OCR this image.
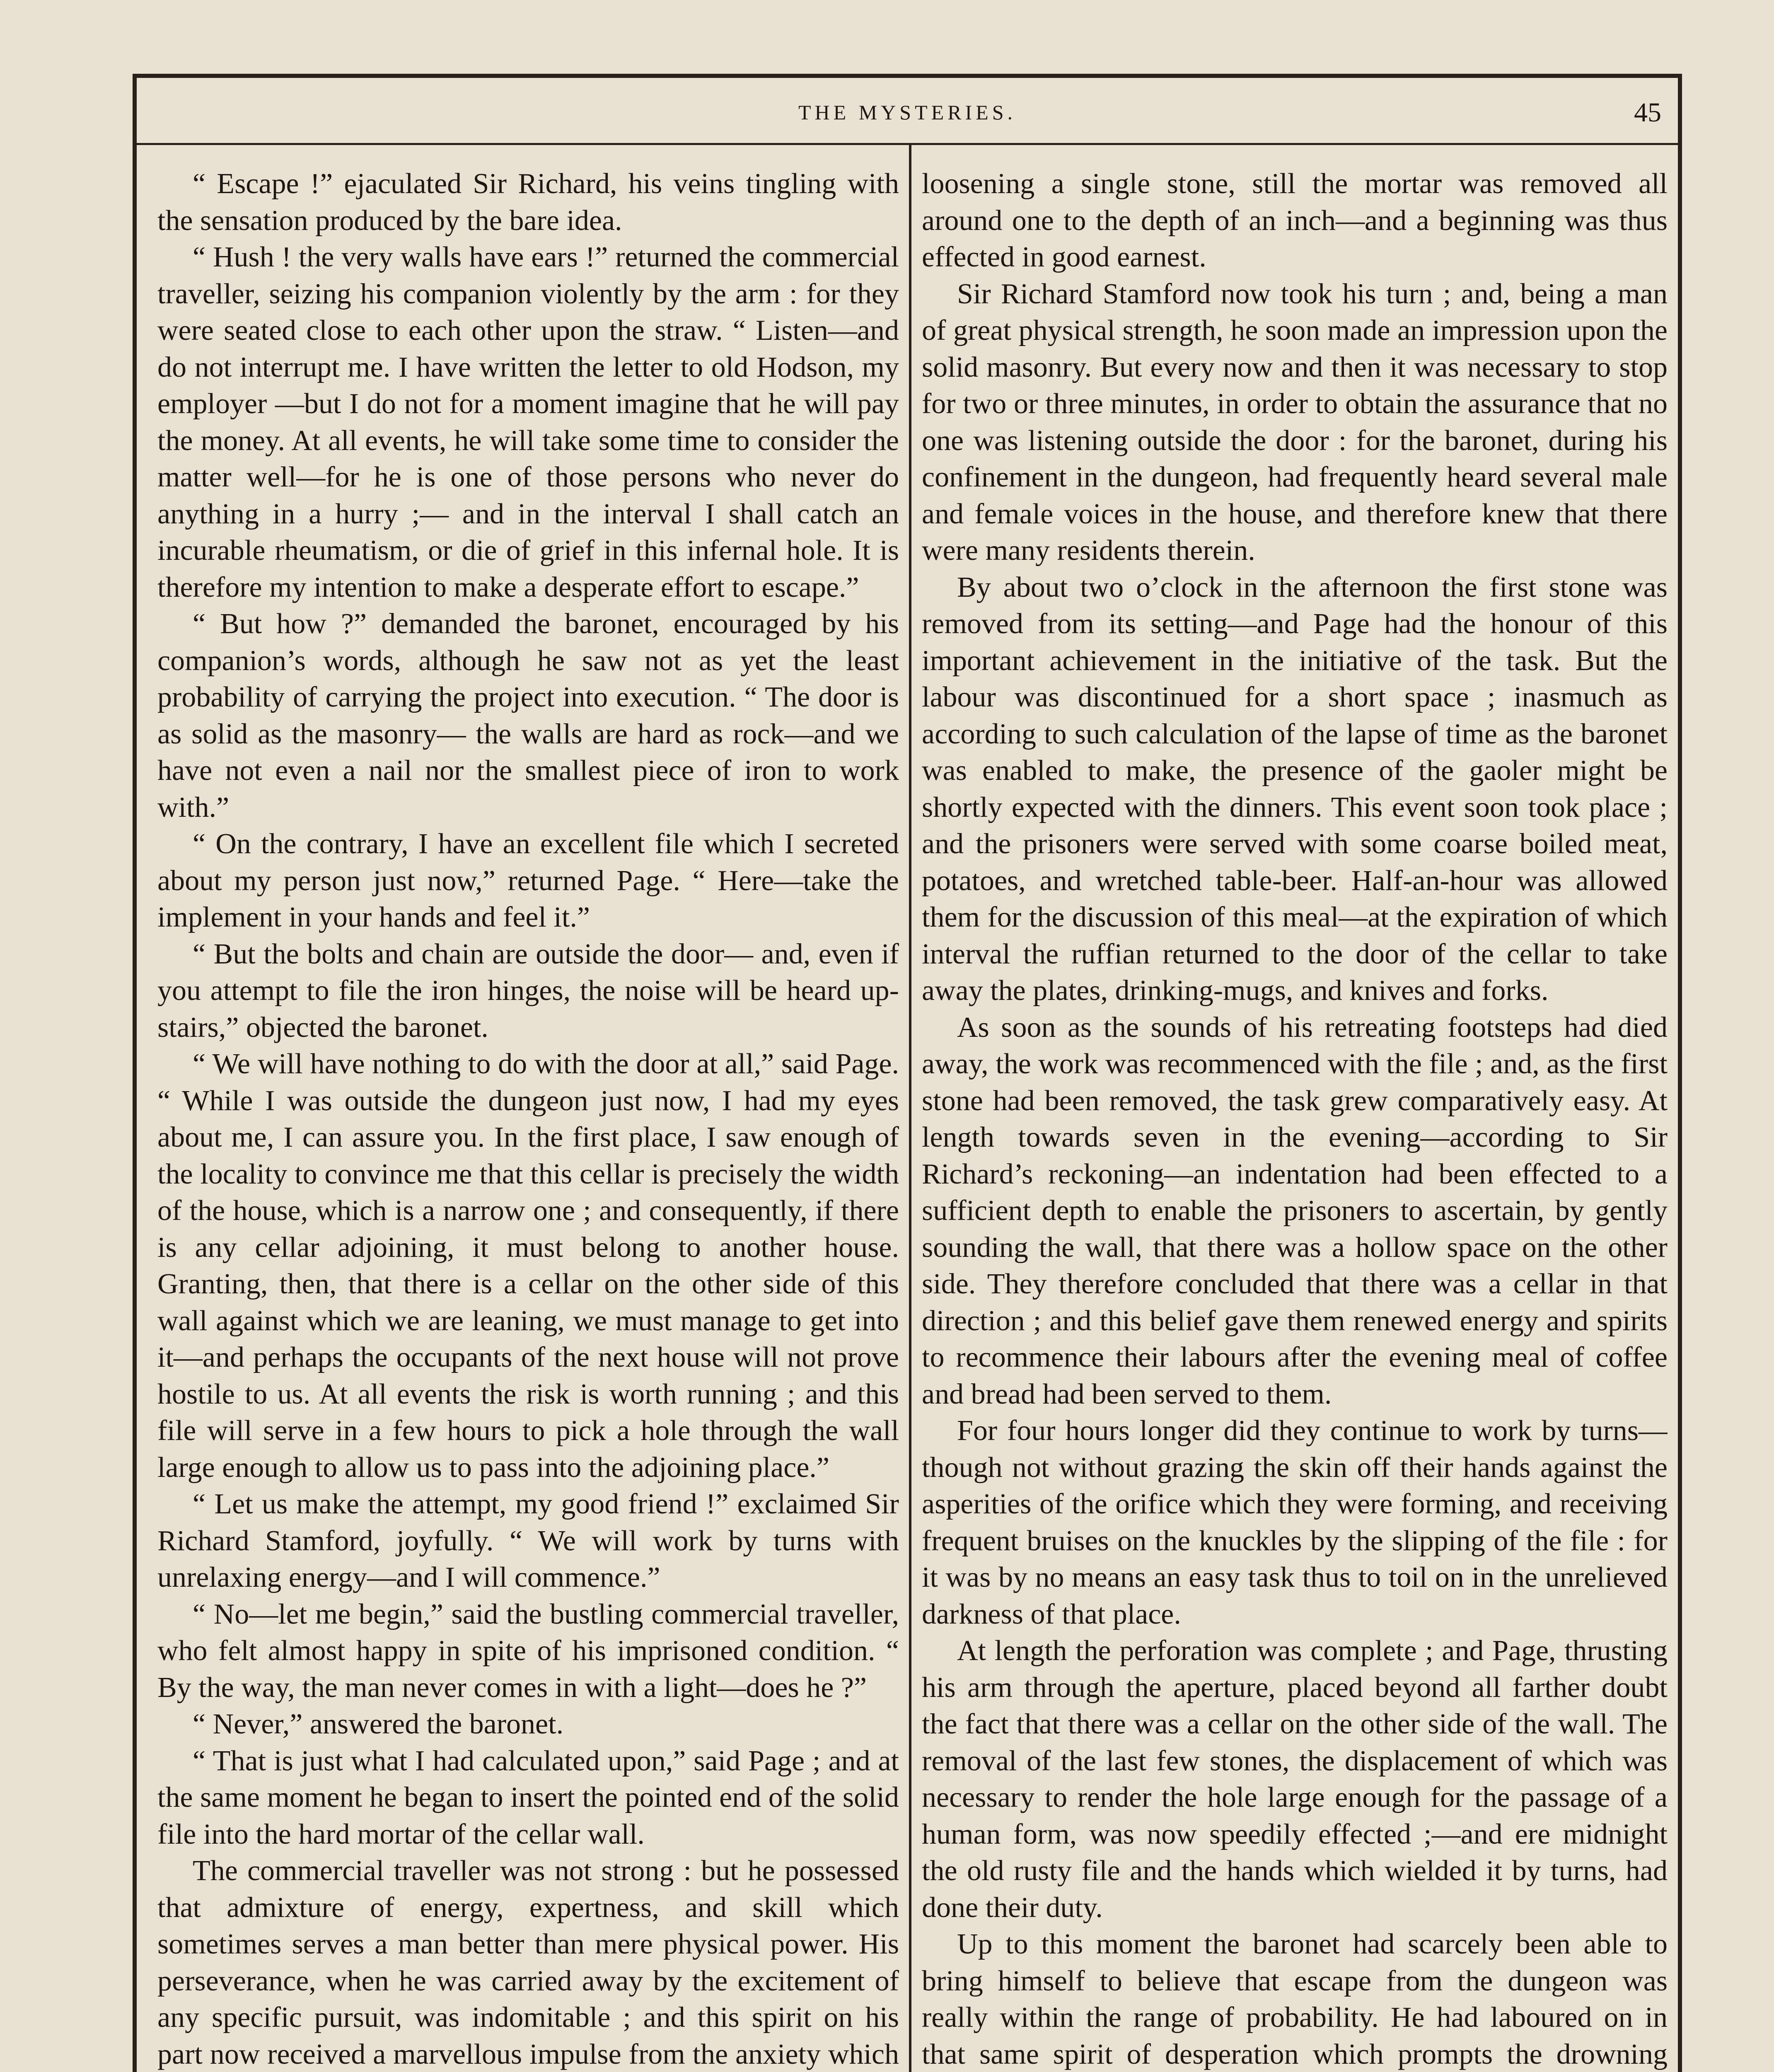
THE MYSTERIES.	45

“ Escape !” ejaculated Sir Richard, his veins tingling with the sensation produced by the bare idea.

“ Hush ! the very walls have ears !” returned the commercial traveller, seizing his companion violently by the arm : for they were seated close to each other upon the straw. “ Listen—and do not interrupt me. I have written the letter to old Hodson, my employer —but I do not for a moment imagine that he will pay the money. At all events, he will take some time to consider the matter well—for he is one of those persons who never do anything in a hurry ;— and in the interval I shall catch an incurable rheumatism, or die of grief in this infernal hole. It is therefore my intention to make a desperate effort to escape.”

“ But how ?” demanded the baronet, encouraged by his companion’s words, although he saw not as yet the least probability of carrying the project into execution. “ The door is as solid as the masonry— the walls are hard as rock—and we have not even a nail nor the smallest piece of iron to work with.”

“ On the contrary, I have an excellent file which I secreted about my person just now,” returned Page. “ Here—take the implement in your hands and feel it.”

“ But the bolts and chain are outside the door— and, even if you attempt to file the iron hinges, the noise will be heard up-stairs,” objected the baronet.

“ We will have nothing to do with the door at all,” said Page. “ While I was outside the dungeon just now, I had my eyes about me, I can assure you. In the first place, I saw enough of the locality to convince me that this cellar is precisely the width of the house, which is a narrow one ; and consequently, if there is any cellar adjoining, it must belong to another house. Granting, then, that there is a cellar on the other side of this wall against which we are leaning, we must manage to get into it—and perhaps the occupants of the next house will not prove hostile to us. At all events the risk is worth running ; and this file will serve in a few hours to pick a hole through the wall large enough to allow us to pass into the adjoining place.”

“ Let us make the attempt, my good friend !” exclaimed Sir Richard Stamford, joyfully. “ We will work by turns with unrelaxing energy—and I will commence.”

“ No—let me begin,” said the bustling commercial traveller, who felt almost happy in spite of his imprisoned condition. “ By the way, the man never comes in with a light—does he ?”

“ Never,” answered the baronet.

“ That is just what I had calculated upon,” said Page ; and at the same moment he began to insert the pointed end of the solid file into the hard mortar of the cellar wall.

The commercial traveller was not strong : but he possessed that admixture of energy, expertness, and skill which sometimes serves a man better than mere physical power. His perseverance, when he was carried away by the excitement of any specific pursuit, was indomitable ; and this spirit on his part now received a marvellous impulse from the anxiety which

loosening a single stone, still the mortar was removed all around one to the depth of an inch—and a beginning was thus effected in good earnest.

Sir Richard Stamford now took his turn ; and, being a man of great physical strength, he soon made an impression upon the solid masonry. But every now and then it was necessary to stop for two or three minutes, in order to obtain the assurance that no one was listening outside the door : for the baronet, during his confinement in the dungeon, had frequently heard several male and female voices in the house, and therefore knew that there were many residents therein.

By about two o’clock in the afternoon the first stone was removed from its setting—and Page had the honour of this important achievement in the initiative of the task. But the labour was discontinued for a short space ; inasmuch as according to such calculation of the lapse of time as the baronet was enabled to make, the presence of the gaoler might be shortly expected with the dinners. This event soon took place ; and the prisoners were served with some coarse boiled meat, potatoes, and wretched table-beer. Half-an-hour was allowed them for the discussion of this meal—at the expiration of which interval the ruffian returned to the door of the cellar to take away the plates, drinking-mugs, and knives and forks.

As soon as the sounds of his retreating footsteps had died away, the work was recommenced with the file ; and, as the first stone had been removed, the task grew comparatively easy. At length towards seven in the evening—according to Sir Richard’s reckoning—an indentation had been effected to a sufficient depth to enable the prisoners to ascertain, by gently sounding the wall, that there was a hollow space on the other side. They therefore concluded that there was a cellar in that direction ; and this belief gave them renewed energy and spirits to recommence their labours after the evening meal of coffee and bread had been served to them.

For four hours longer did they continue to work by turns—though not without grazing the skin off their hands against the asperities of the orifice which they were forming, and receiving frequent bruises on the knuckles by the slipping of the file : for it was by no means an easy task thus to toil on in the unrelieved darkness of that place.

At length the perforation was complete ; and Page, thrusting his arm through the aperture, placed beyond all farther doubt the fact that there was a cellar on the other side of the wall. The removal of the last few stones, the displacement of which was necessary to render the hole large enough for the passage of a human form, was now speedily effected ;—and ere midnight the old rusty file and the hands which wielded it by turns, had done their duty.

Up to this moment the baronet had scarcely been able to bring himself to believe that escape from the dungeon was really within the range of probability. He had laboured on in that same spirit of desperation which prompts the drowning
